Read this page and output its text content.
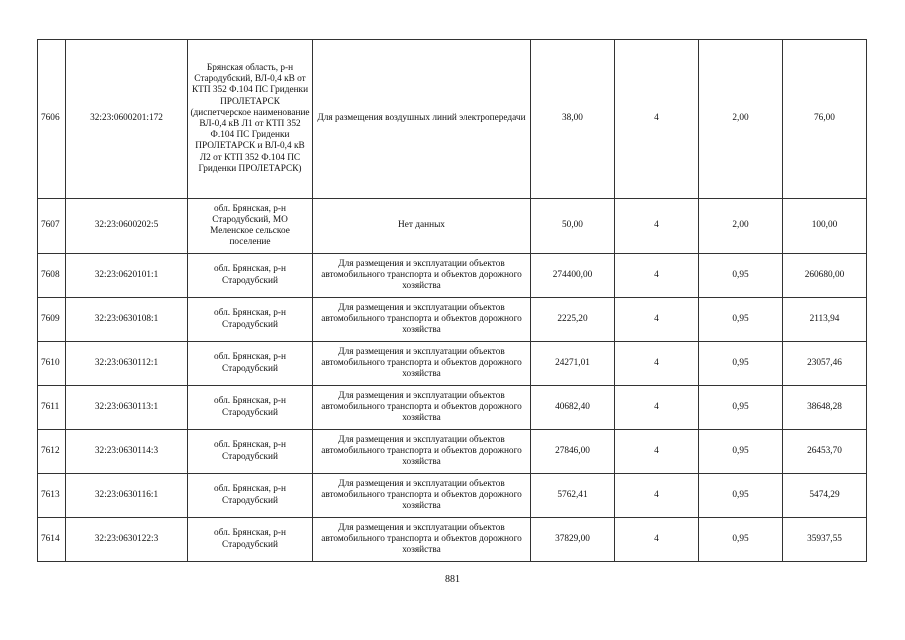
7606	32:23:0600201:172	Брянская область, р-н Стародубский, ВЛ-0,4 кВ от КТП 352 Ф.104 ПС Гриденки ПРОЛЕТАРСК (диспетчерское наименование ВЛ-0,4 кВ Л1 от КТП 352 Ф.104 ПС Гриденки ПРОЛЕТАРСК и ВЛ-0,4 кВ Л2 от КТП 352 Ф.104 ПС Гриденки ПРОЛЕТАРСК)	Для размещения воздушных линий электропередачи	38,00	4	2,00	76,00
7607	32:23:0600202:5	обл. Брянская, р-н Стародубский, МО Меленское сельское поселение	Нет данных	50,00	4	2,00	100,00
7608	32:23:0620101:1	обл. Брянская, р-н Стародубский	Для размещения и эксплуатации объектов автомобильного транспорта и объектов дорожного хозяйства	274400,00	4	0,95	260680,00
7609	32:23:0630108:1	обл. Брянская, р-н Стародубский	Для размещения и эксплуатации объектов автомобильного транспорта и объектов дорожного хозяйства	2225,20	4	0,95	2113,94
7610	32:23:0630112:1	обл. Брянская, р-н Стародубский	Для размещения и эксплуатации объектов автомобильного транспорта и объектов дорожного хозяйства	24271,01	4	0,95	23057,46
7611	32:23:0630113:1	обл. Брянская, р-н Стародубский	Для размещения и эксплуатации объектов автомобильного транспорта и объектов дорожного хозяйства	40682,40	4	0,95	38648,28
7612	32:23:0630114:3	обл. Брянская, р-н Стародубский	Для размещения и эксплуатации объектов автомобильного транспорта и объектов дорожного хозяйства	27846,00	4	0,95	26453,70
7613	32:23:0630116:1	обл. Брянская, р-н Стародубский	Для размещения и эксплуатации объектов автомобильного транспорта и объектов дорожного хозяйства	5762,41	4	0,95	5474,29
7614	32:23:0630122:3	обл. Брянская, р-н Стародубский	Для размещения и эксплуатации объектов автомобильного транспорта и объектов дорожного хозяйства	37829,00	4	0,95	35937,55
881
